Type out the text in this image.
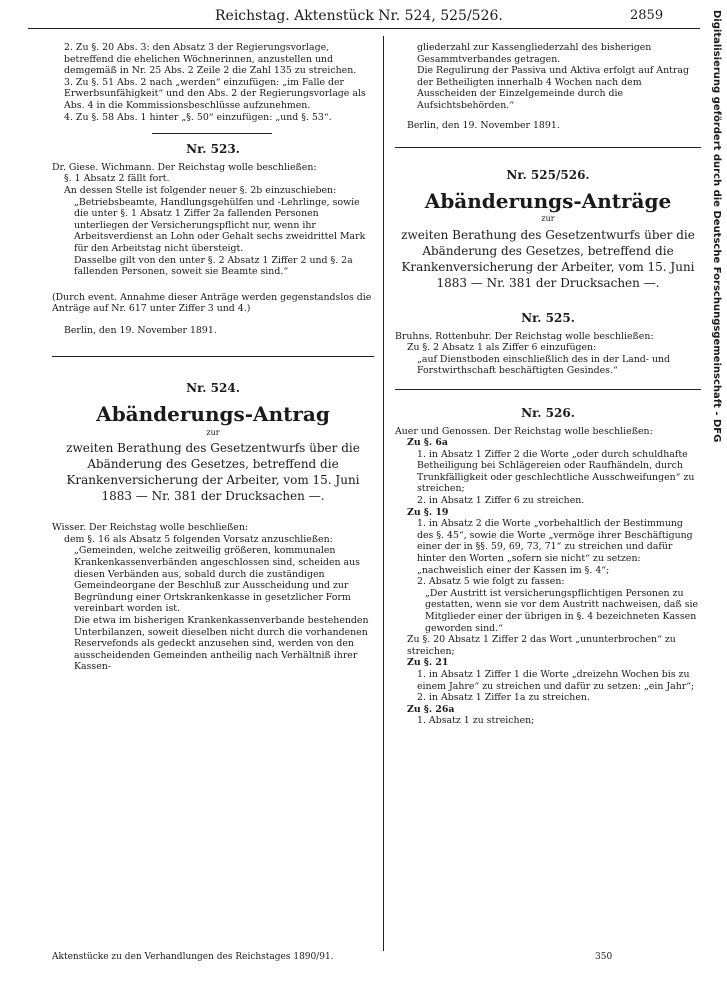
Reichstag. Aktenstück Nr. 524, 525/526.	2859	Digitalisierung gefördert durch die Deutsche Forschungsgemeinschaft - DFG

2. Zu §. 20 Abs. 3: den Absatz 3 der Regierungsvorlage, betreffend die ehelichen Wöchnerinnen, anzustellen und demgemäß in Nr. 25 Abs. 2 Zeile 2 die Zahl 135 zu streichen.

3. Zu §. 51 Abs. 2 nach „werden“ einzufügen: „im Falle der Erwerbsunfähigkeit“ und den Abs. 2 der Regierungsvorlage als Abs. 4 in die Kommissionsbeschlüsse aufzunehmen.

4. Zu §. 58 Abs. 1 hinter „§. 50“ einzufügen: „und §. 53“.

Nr. 523.

Dr. Giese. Wichmann. Der Reichstag wolle beschließen:

§. 1 Absatz 2 fällt fort.

An dessen Stelle ist folgender neuer §. 2b einzuschieben:

„Betriebsbeamte, Handlungsgehülfen und -Lehrlinge, sowie die unter §. 1 Absatz 1 Ziffer 2a fallenden Personen unterliegen der Versicherungspflicht nur, wenn ihr Arbeitsverdienst an Lohn oder Gehalt sechs zweidrittel Mark für den Arbeitstag nicht übersteigt.

Dasselbe gilt von den unter §. 2 Absatz 1 Ziffer 2 und §. 2a fallenden Personen, soweit sie Beamte sind.“

(Durch event. Annahme dieser Anträge werden gegenstandslos die Anträge auf Nr. 617 unter Ziffer 3 und 4.)

Berlin, den 19. November 1891.

Nr. 524.

Abänderungs-Antrag

zur

zweiten Berathung des Gesetzentwurfs über die Abänderung des Gesetzes, betreffend die Krankenversicherung der Arbeiter, vom 15. Juni 1883 — Nr. 381 der Drucksachen —.

Wisser. Der Reichstag wolle beschließen:

dem §. 16 als Absatz 5 folgenden Vorsatz anzuschließen:

„Gemeinden, welche zeitweilig größeren, kommunalen Krankenkassenverbänden angeschlossen sind, scheiden aus diesen Verbänden aus, sobald durch die zuständigen Gemeindeorgane der Beschluß zur Ausscheidung und zur Begründung einer Ortskrankenkasse in gesetzlicher Form vereinbart worden ist.

Die etwa im bisherigen Krankenkassenverbande bestehenden Unterbilanzen, soweit dieselben nicht durch die vorhandenen Reservefonds als gedeckt anzusehen sind, werden von den ausscheidenden Gemeinden antheilig nach Verhältniß ihrer Kassen-

Aktenstücke zu den Verhandlungen des Reichstages 1890/91.

gliederzahl zur Kassengliederzahl des bisherigen Gesammtverbandes getragen.

Die Regulirung der Passiva und Aktiva erfolgt auf Antrag der Betheiligten innerhalb 4 Wochen nach dem Ausscheiden der Einzelgemeinde durch die Aufsichtsbehörden.“

Berlin, den 19. November 1891.

Nr. 525/526.

Abänderungs-Anträge

zur

zweiten Berathung des Gesetzentwurfs über die Abänderung des Gesetzes, betreffend die Krankenversicherung der Arbeiter, vom 15. Juni 1883 — Nr. 381 der Drucksachen —.

Nr. 525.

Bruhns. Rottenbuhr. Der Reichstag wolle beschließen:

Zu §. 2 Absatz 1 als Ziffer 6 einzufügen:

„auf Dienstboden einschließlich des in der Land- und Forstwirthschaft beschäftigten Gesindes.“

Nr. 526.

Auer und Genossen. Der Reichstag wolle beschließen:

Zu §. 6a

1. in Absatz 1 Ziffer 2 die Worte „oder durch schuldhafte Betheiligung bei Schlägereien oder Raufhändeln, durch Trunkfälligkeit oder geschlechtliche Ausschweifungen“ zu streichen;

2. in Absatz 1 Ziffer 6 zu streichen.

Zu §. 19

1. in Absatz 2 die Worte „vorbehaltlich der Bestimmung des §. 45“, sowie die Worte „vermöge ihrer Beschäftigung einer der in §§. 59, 69, 73, 71“ zu streichen und dafür hinter den Worten „sofern sie nicht“ zu setzen: „nachweislich einer der Kassen im §. 4“;

2. Absatz 5 wie folgt zu fassen:

„Der Austritt ist versicherungspflichtigen Personen zu gestatten, wenn sie vor dem Austritt nachweisen, daß sie Mitglieder einer der übrigen in §. 4 bezeichneten Kassen geworden sind.“

Zu §. 20 Absatz 1 Ziffer 2 das Wort „ununterbrochen“ zu streichen;

Zu §. 21

1. in Absatz 1 Ziffer 1 die Worte „dreizehn Wochen bis zu einem Jahre“ zu streichen und dafür zu setzen: „ein Jahr“;

2. in Absatz 1 Ziffer 1a zu streichen.

Zu §. 26a

1. Absatz 1 zu streichen;

350
